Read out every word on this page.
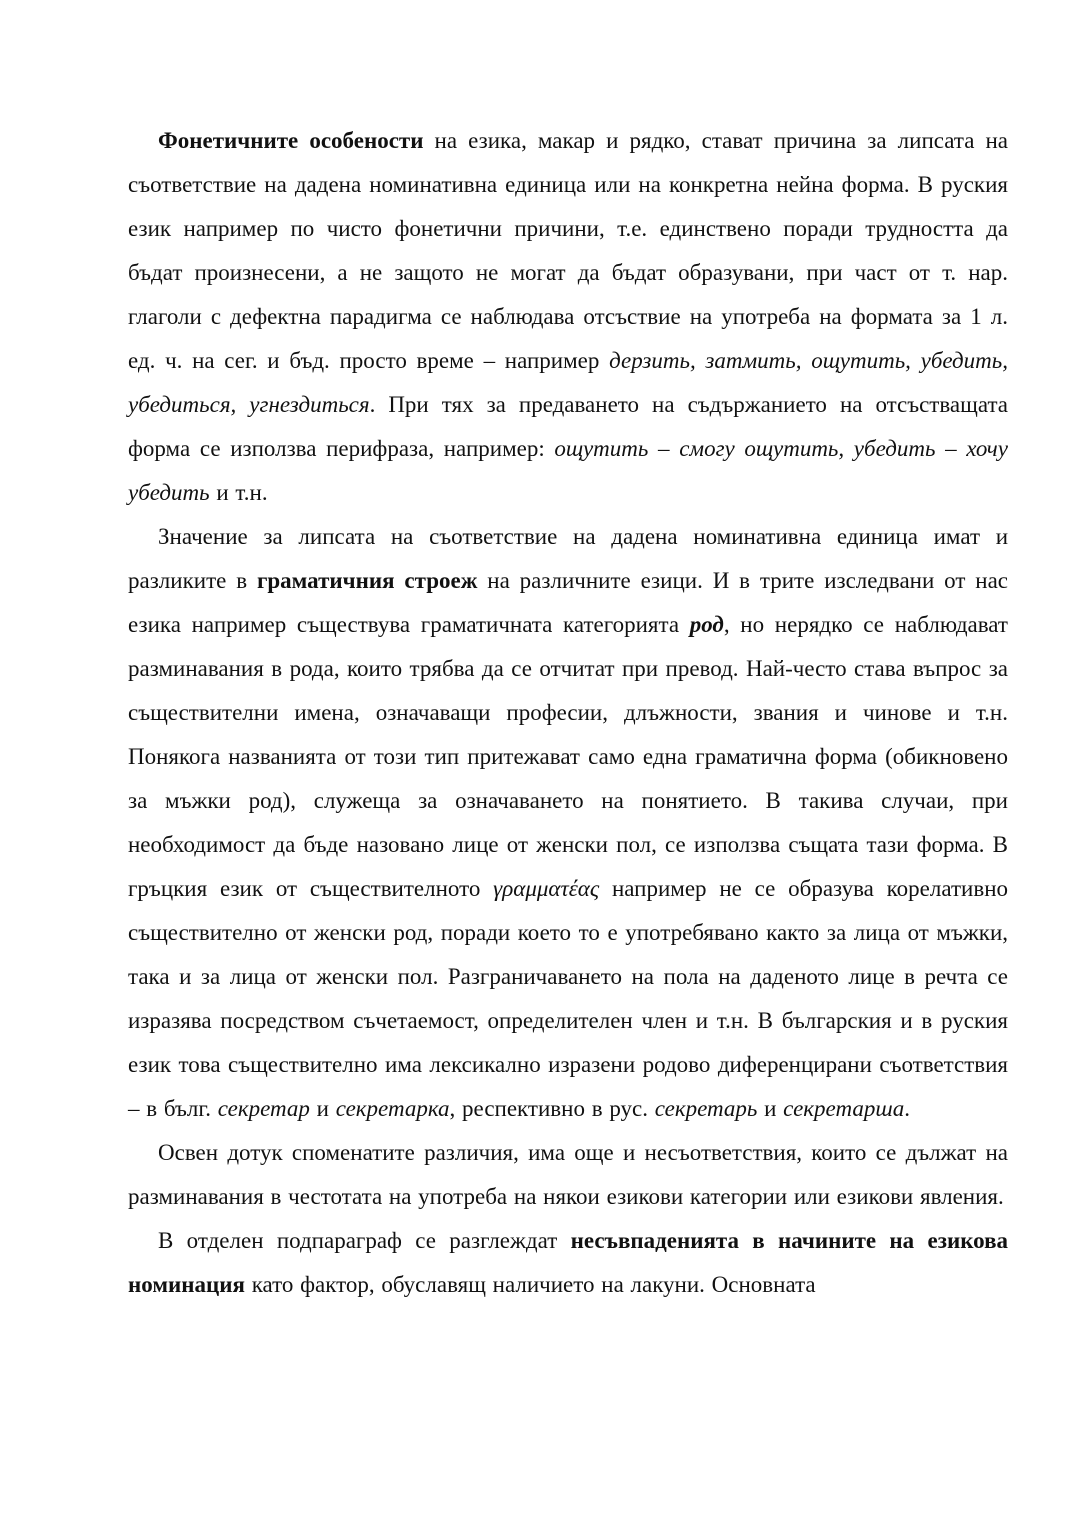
Фонетичните особености на езика, макар и рядко, стават причина за липсата на съответствие на дадена номинативна единица или на конкретна нейна форма. В руския език например по чисто фонетични причини, т.е. единствено поради трудността да бъдат произнесени, а не защото не могат да бъдат образувани, при част от т. нар. глаголи с дефектна парадигма се наблюдава отсъствие на употреба на формата за 1 л. ед. ч. на сег. и бъд. просто време – например дерзить, затмить, ощутить, убедить, убедиться, угнездиться. При тях за предаването на съдържанието на отсъстващата форма се използва перифраза, например: ощутить – смогу ощутить, убедить – хочу убедить и т.н.

Значение за липсата на съответствие на дадена номинативна единица имат и разликите в граматичния строеж на различните езици. И в трите изследвани от нас езика например съществува граматичната категорията род, но нерядко се наблюдават разминавания в рода, които трябва да се отчитат при превод. Най-често става въпрос за съществителни имена, означаващи професии, длъжности, звания и чинове и т.н. Понякога названията от този тип притежават само една граматична форма (обикновено за мъжки род), служеща за означаването на понятието. В такива случаи, при необходимост да бъде назовано лице от женски пол, се използва същата тази форма. В гръцкия език от съществителното γραμματέας например не се образува корелативно съществително от женски род, поради което то е употребявано както за лица от мъжки, така и за лица от женски пол. Разграничаването на пола на даденото лице в речта се изразява посредством съчетаемост, определителен член и т.н. В българския и в руския език това съществително има лексикално изразени родово диференцирани съответствия – в бълг. секретар и секретарка, респективно в рус. секретарь и секретарша.

Освен дотук споменатите различия, има още и несъответствия, които се дължат на разминавания в честотата на употреба на някои езикови категории или езикови явления.

В отделен подпараграф се разглеждат несъвпаденията в начините на езикова номинация като фактор, обуславящ наличието на лакуни. Основната
